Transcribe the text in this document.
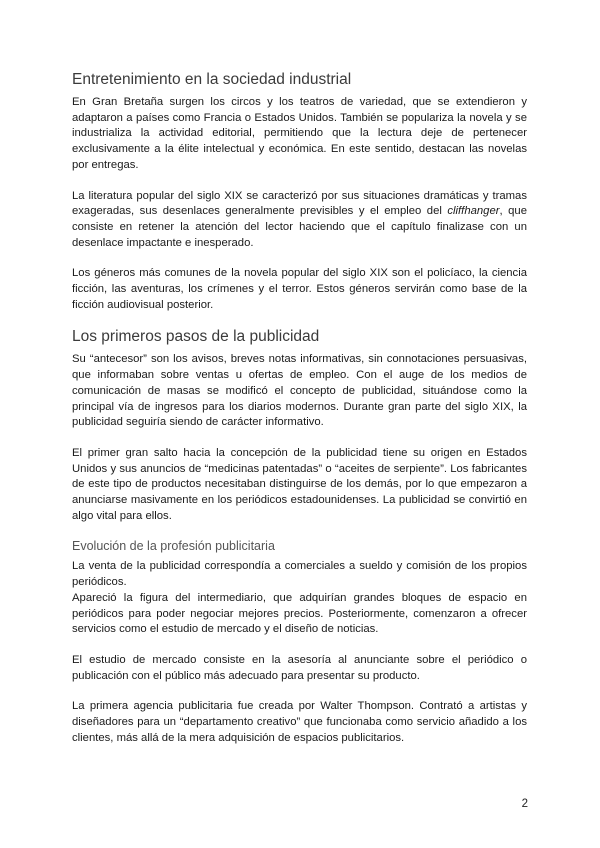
Entretenimiento en la sociedad industrial

En Gran Bretaña surgen los circos y los teatros de variedad, que se extendieron y adaptaron a países como Francia o Estados Unidos. También se populariza la novela y se industrializa la actividad editorial, permitiendo que la lectura deje de pertenecer exclusivamente a la élite intelectual y económica. En este sentido, destacan las novelas por entregas.

La literatura popular del siglo XIX se caracterizó por sus situaciones dramáticas y tramas exageradas, sus desenlaces generalmente previsibles y el empleo del cliffhanger, que consiste en retener la atención del lector haciendo que el capítulo finalizase con un desenlace impactante e inesperado.

Los géneros más comunes de la novela popular del siglo XIX son el policíaco, la ciencia ficción, las aventuras, los crímenes y el terror. Estos géneros servirán como base de la ficción audiovisual posterior.

Los primeros pasos de la publicidad

Su “antecesor” son los avisos, breves notas informativas, sin connotaciones persuasivas, que informaban sobre ventas u ofertas de empleo. Con el auge de los medios de comunicación de masas se modificó el concepto de publicidad, situándose como la principal vía de ingresos para los diarios modernos. Durante gran parte del siglo XIX, la publicidad seguiría siendo de carácter informativo.

El primer gran salto hacia la concepción de la publicidad tiene su origen en Estados Unidos y sus anuncios de “medicinas patentadas” o “aceites de serpiente”. Los fabricantes de este tipo de productos necesitaban distinguirse de los demás, por lo que empezaron a anunciarse masivamente en los periódicos estadounidenses. La publicidad se convirtió en algo vital para ellos.

Evolución de la profesión publicitaria

La venta de la publicidad correspondía a comerciales a sueldo y comisión de los propios periódicos.

Apareció la figura del intermediario, que adquirían grandes bloques de espacio en periódicos para poder negociar mejores precios. Posteriormente, comenzaron a ofrecer servicios como el estudio de mercado y el diseño de noticias.

El estudio de mercado consiste en la asesoría al anunciante sobre el periódico o publicación con el público más adecuado para presentar su producto.

La primera agencia publicitaria fue creada por Walter Thompson. Contrató a artistas y diseñadores para un “departamento creativo” que funcionaba como servicio añadido a los clientes, más allá de la mera adquisición de espacios publicitarios.

2
